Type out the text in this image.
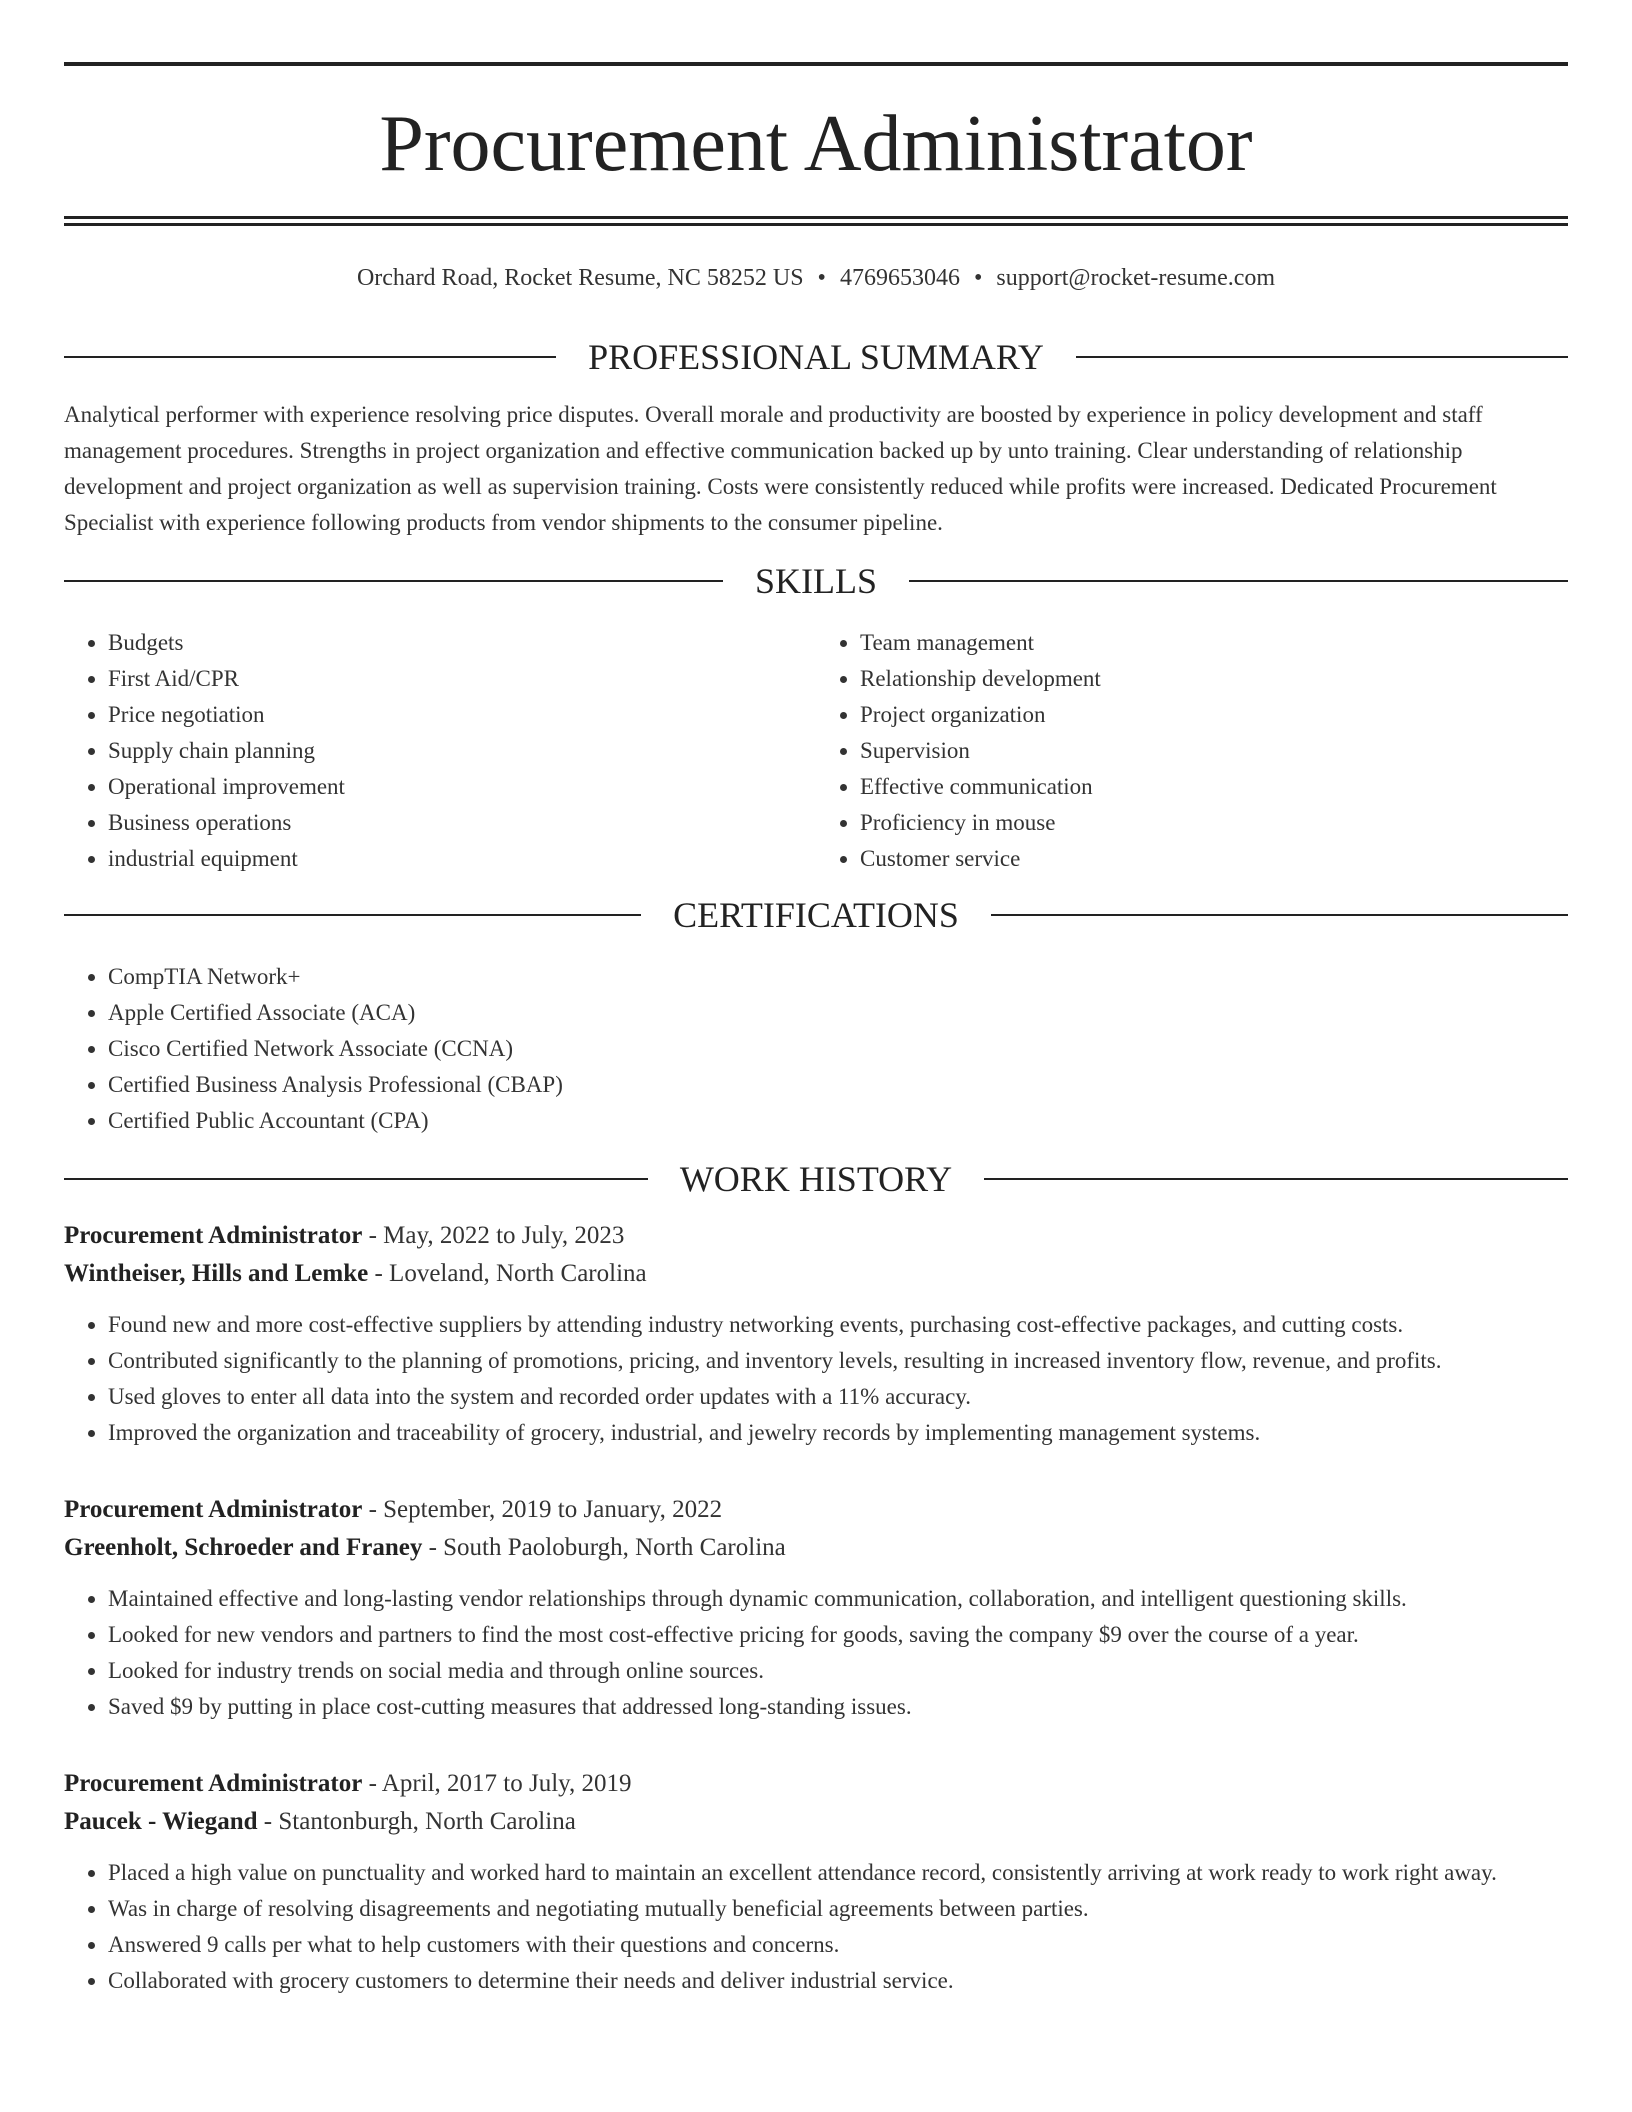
Procurement Administrator
Orchard Road, Rocket Resume, NC 58252 US • 4769653046 • support@rocket-resume.com
PROFESSIONAL SUMMARY

Analytical performer with experience resolving price disputes. Overall morale and productivity are boosted by experience in policy development and staff management procedures. Strengths in project organization and effective communication backed up by unto training. Clear understanding of relationship development and project organization as well as supervision training. Costs were consistently reduced while profits were increased. Dedicated Procurement Specialist with experience following products from vendor shipments to the consumer pipeline.

SKILLS
• Budgets
• First Aid/CPR
• Price negotiation
• Supply chain planning
• Operational improvement
• Business operations
• industrial equipment
• Team management
• Relationship development
• Project organization
• Supervision
• Effective communication
• Proficiency in mouse
• Customer service
CERTIFICATIONS
• CompTIA Network+
• Apple Certified Associate (ACA)
• Cisco Certified Network Associate (CCNA)
• Certified Business Analysis Professional (CBAP)
• Certified Public Accountant (CPA)
WORK HISTORY
Procurement Administrator - May, 2022 to July, 2023
Wintheiser, Hills and Lemke - Loveland, North Carolina
• Found new and more cost-effective suppliers by attending industry networking events, purchasing cost-effective packages, and cutting costs.
• Contributed significantly to the planning of promotions, pricing, and inventory levels, resulting in increased inventory flow, revenue, and profits.
• Used gloves to enter all data into the system and recorded order updates with a 11% accuracy.
• Improved the organization and traceability of grocery, industrial, and jewelry records by implementing management systems.
Procurement Administrator - September, 2019 to January, 2022
Greenholt, Schroeder and Franey - South Paoloburgh, North Carolina
• Maintained effective and long-lasting vendor relationships through dynamic communication, collaboration, and intelligent questioning skills.
• Looked for new vendors and partners to find the most cost-effective pricing for goods, saving the company $9 over the course of a year.
• Looked for industry trends on social media and through online sources.
• Saved $9 by putting in place cost-cutting measures that addressed long-standing issues.
Procurement Administrator - April, 2017 to July, 2019
Paucek - Wiegand - Stantonburgh, North Carolina
• Placed a high value on punctuality and worked hard to maintain an excellent attendance record, consistently arriving at work ready to work right away.
• Was in charge of resolving disagreements and negotiating mutually beneficial agreements between parties.
• Answered 9 calls per what to help customers with their questions and concerns.
• Collaborated with grocery customers to determine their needs and deliver industrial service.
